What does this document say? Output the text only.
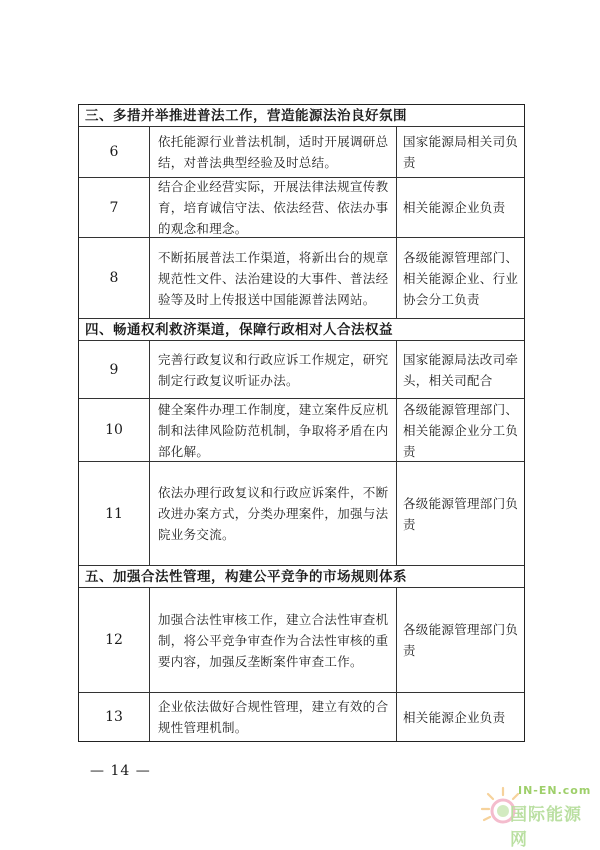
三、多措并举推进普法工作，营造能源法治良好氛围
6
依托能源行业普法机制，适时开展调研总结，对普法典型经验及时总结。
国家能源局相关司负责
7
结合企业经营实际，开展法律法规宣传教育，培育诚信守法、依法经营、依法办事的观念和理念。
相关能源企业负责
8
不断拓展普法工作渠道，将新出台的规章规范性文件、法治建设的大事件、普法经验等及时上传报送中国能源普法网站。
各级能源管理部门、相关能源企业、行业协会分工负责
四、畅通权利救济渠道，保障行政相对人合法权益
9
完善行政复议和行政应诉工作规定，研究制定行政复议听证办法。
国家能源局法改司牵头，相关司配合
10
健全案件办理工作制度，建立案件反应机制和法律风险防范机制，争取将矛盾在内部化解。
各级能源管理部门、相关能源企业分工负责
11
依法办理行政复议和行政应诉案件，不断改进办案方式，分类办理案件，加强与法院业务交流。
各级能源管理部门负责
五、加强合法性管理，构建公平竞争的市场规则体系
12
加强合法性审核工作，建立合法性审查机制，将公平竞争审查作为合法性审核的重要内容，加强反垄断案件审查工作。
各级能源管理部门负责
13
企业依法做好合规性管理，建立有效的合规性管理机制。
相关能源企业负责
— 14 —
IN-EN.com
国际能源网
